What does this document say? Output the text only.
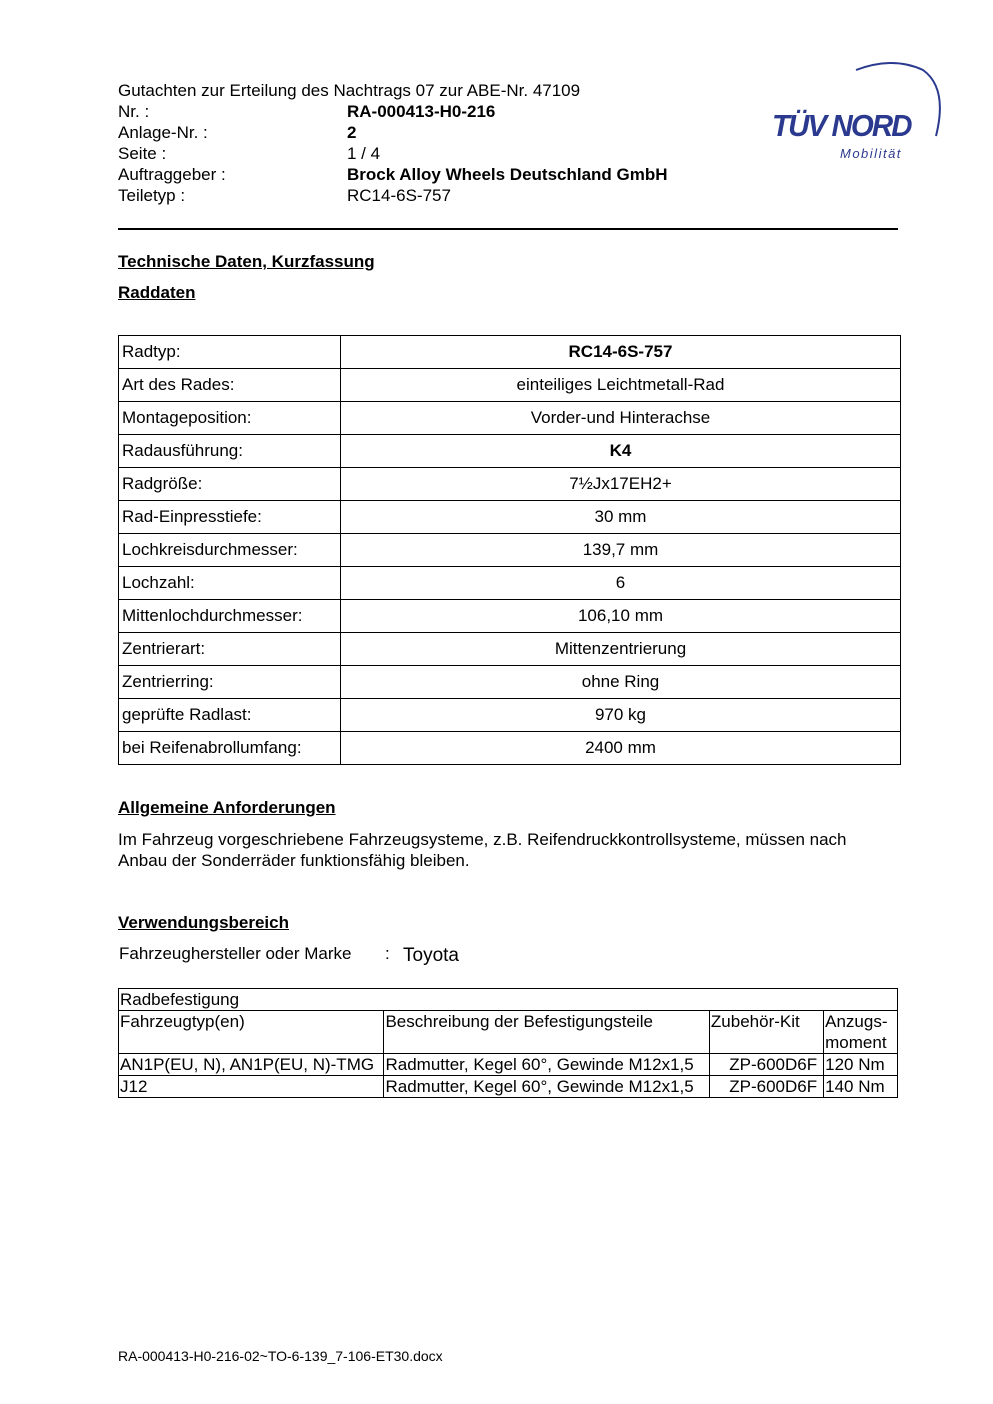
Gutachten zur Erteilung des Nachtrags 07 zur ABE-Nr. 47109
Nr. :	RA-000413-H0-216
Anlage-Nr. :	2
Seite :	1 / 4
Auftraggeber :	Brock Alloy Wheels Deutschland GmbH
Teiletyp :	RC14-6S-757
TÜV NORD
Mobilität
Technische Daten, Kurzfassung
Raddaten
Radtyp:	RC14-6S-757
Art des Rades:	einteiliges Leichtmetall-Rad
Montageposition:	Vorder-und Hinterachse
Radausführung:	K4
Radgröße:	7½Jx17EH2+
Rad-Einpresstiefe:	30 mm
Lochkreisdurchmesser:	139,7 mm
Lochzahl:	6
Mittenlochdurchmesser:	106,10 mm
Zentrierart:	Mittenzentrierung
Zentrierring:	ohne Ring
geprüfte Radlast:	970 kg
bei Reifenabrollumfang:	2400 mm
Allgemeine Anforderungen
Im Fahrzeug vorgeschriebene Fahrzeugsysteme, z.B. Reifendruckkontrollsysteme, müssen nach Anbau der Sonderräder funktionsfähig bleiben.
Verwendungsbereich
Fahrzeughersteller oder Marke : Toyota
Radbefestigung			
Fahrzeugtyp(en)	Beschreibung der Befestigungsteile	Zubehör-Kit	Anzugs-moment
AN1P(EU, N), AN1P(EU, N)-TMG	Radmutter, Kegel 60°, Gewinde M12x1,5	ZP-600D6F	120 Nm
J12	Radmutter, Kegel 60°, Gewinde M12x1,5	ZP-600D6F	140 Nm
RA-000413-H0-216-02~TO-6-139_7-106-ET30.docx
